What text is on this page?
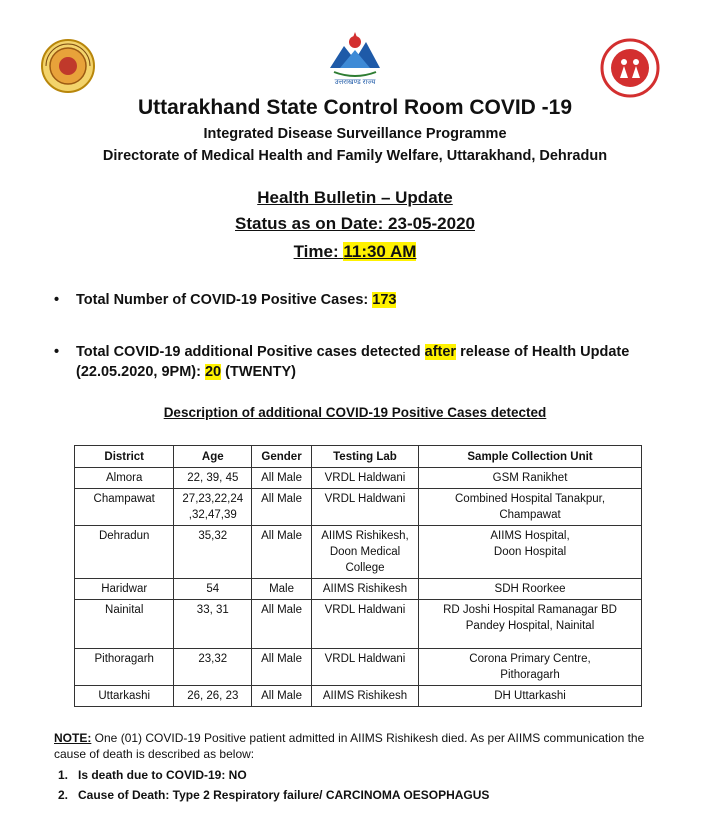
उत्तराखण्ड राज्य
Uttarakhand State Control Room COVID -19
Integrated Disease Surveillance Programme
Directorate of Medical Health and Family Welfare, Uttarakhand, Dehradun
Health Bulletin – Update
Status as on Date: 23-05-2020
Time: 11:30 AM
• Total Number of COVID-19 Positive Cases: 173
• Total COVID-19 additional Positive cases detected after release of Health Update (22.05.2020, 9PM): 20 (TWENTY)
Description of additional COVID-19 Positive Cases detected
District	Age	Gender	Testing Lab	Sample Collection Unit
Almora	22, 39, 45	All Male	VRDL Haldwani	GSM Ranikhet
Champawat	27,23,22,24 ,32,47,39	All Male	VRDL Haldwani	Combined Hospital Tanakpur, Champawat
Dehradun	35,32	All Male	AIIMS Rishikesh, Doon Medical College	AIIMS Hospital, Doon Hospital
Haridwar	54	Male	AIIMS Rishikesh	SDH Roorkee
Nainital	33, 31	All Male	VRDL Haldwani	RD Joshi Hospital Ramanagar BD Pandey Hospital, Nainital
Pithoragarh	23,32	All Male	VRDL Haldwani	Corona Primary Centre, Pithoragarh
Uttarkashi	26, 26, 23	All Male	AIIMS Rishikesh	DH Uttarkashi
NOTE: One (01) COVID-19 Positive patient admitted in AIIMS Rishikesh died. As per AIIMS communication the cause of death is described as below:
1. Is death due to COVID-19: NO
2. Cause of Death: Type 2 Respiratory failure/ CARCINOMA OESOPHAGUS
